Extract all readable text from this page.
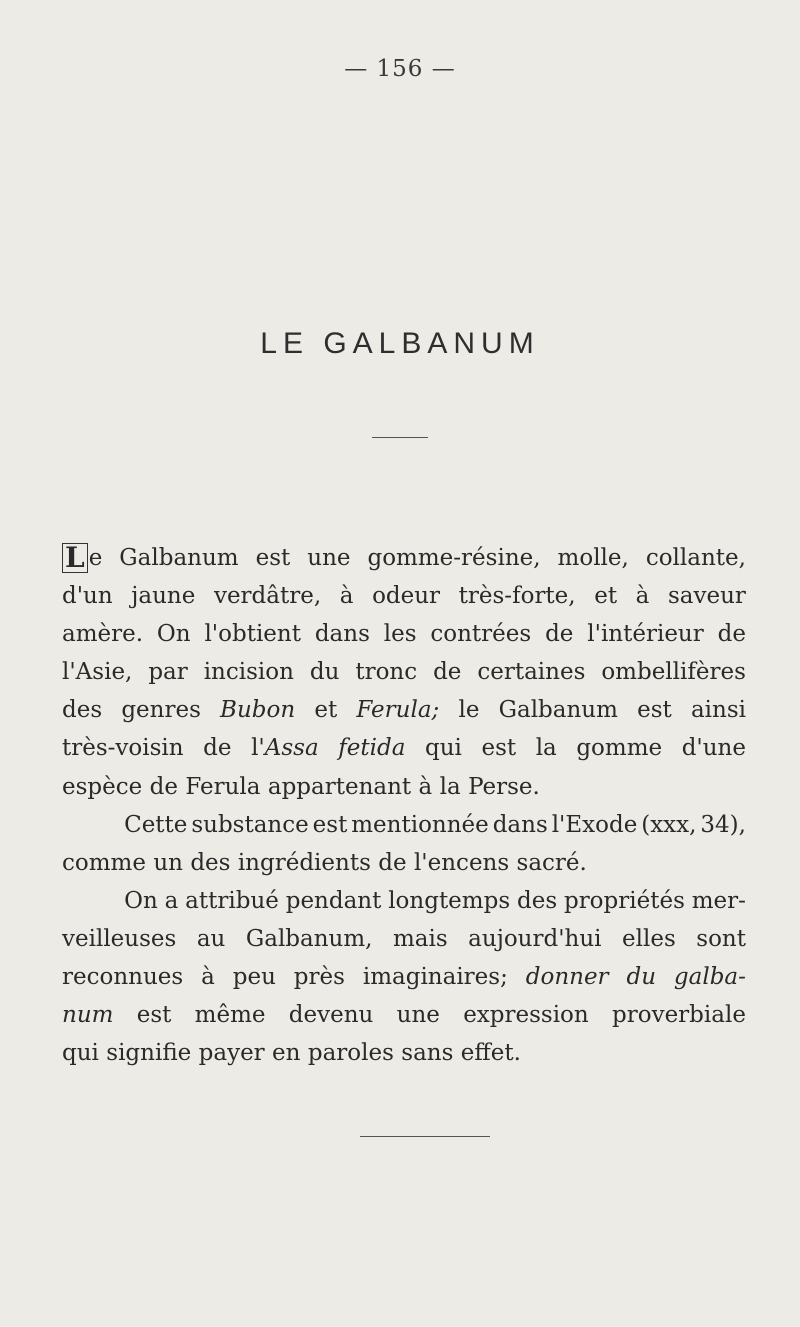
— 156 —
LE GALBANUM
L e Galbanum est une gomme-résine, molle, collante,
d'un jaune verdâtre, à odeur très-forte, et à saveur
amère. On l'obtient dans les contrées de l'intérieur de
l'Asie, par incision du tronc de certaines ombellifères
des genres Bubon et Ferula; le Galbanum est ainsi
très-voisin de l'Assa fetida qui est la gomme d'une
espèce de Ferula appartenant à la Perse.
Cette substance est mentionnée dans l'Exode (xxx, 34),
comme un des ingrédients de l'encens sacré.
On a attribué pendant longtemps des propriétés mer-
veilleuses au Galbanum, mais aujourd'hui elles sont
reconnues à peu près imaginaires; donner du galba-
num est même devenu une expression proverbiale
qui signifie payer en paroles sans effet.
